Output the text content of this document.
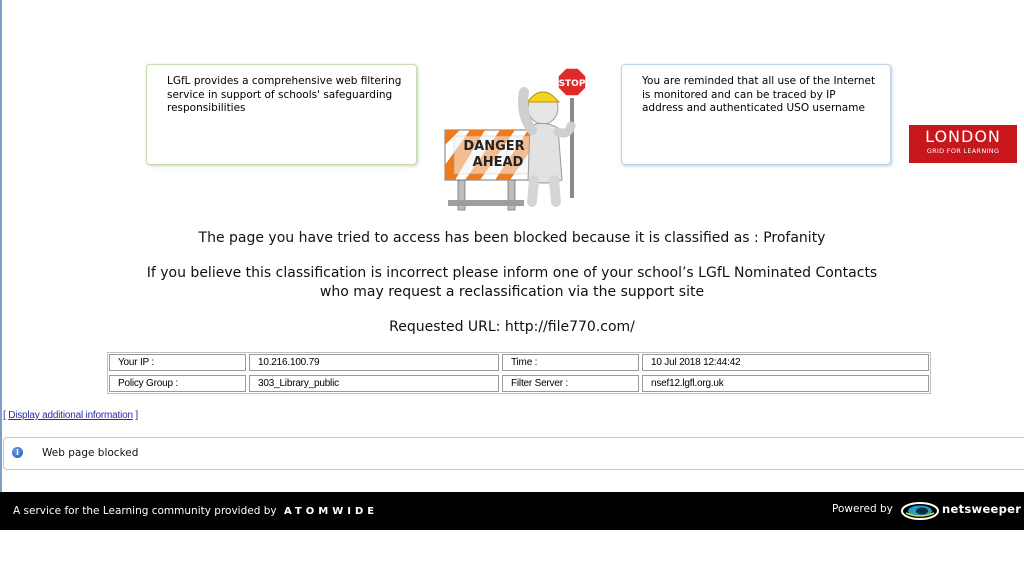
LGfL provides a comprehensive web filtering service in support of schools' safeguarding responsibilities
DANGER
AHEAD
STOP	You are reminded that all use of the Internet is monitored and can be traced by IP address and authenticated USO username
LONDON
GRID FOR LEARNING
The page you have tried to access has been blocked because it is classified as : Profanity
If you believe this classification is incorrect please inform one of your school’s LGfL Nominated Contacts
who may request a reclassification via the support site
Requested URL: http://file770.com/
Your IP :	10.216.100.79	Time :	10 Jul 2018 12:44:42
Policy Group :	303_Library_public	Filter Server :	nsef12.lgfl.org.uk
[ Display additional information ]
i	Web page blocked
A service for the Learning community provided by ATOMWIDE	Powered by	netsweeper
